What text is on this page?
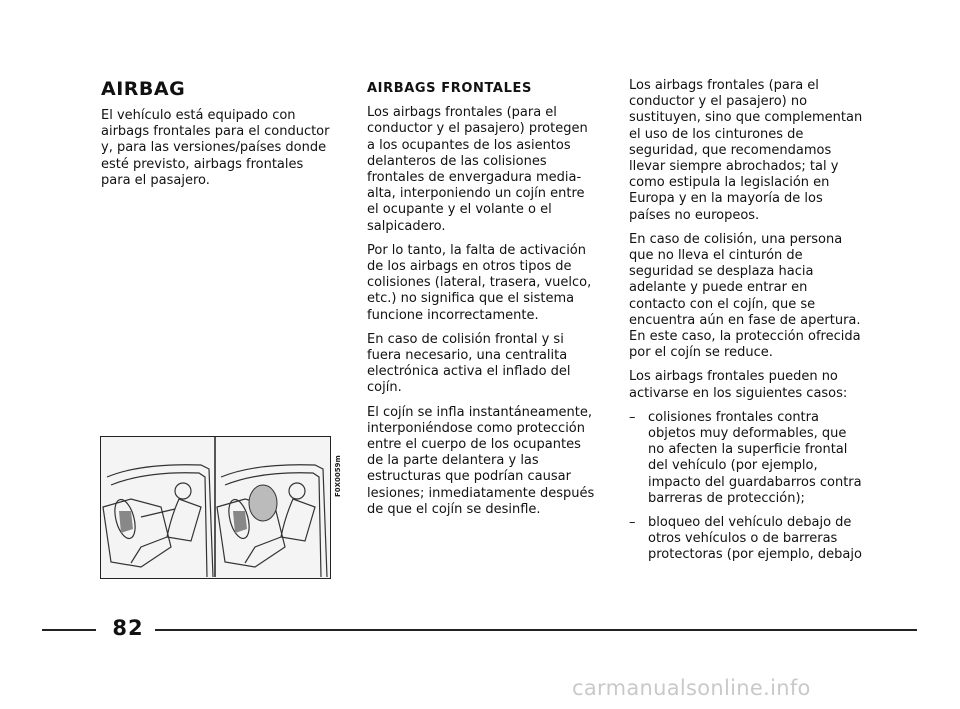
AIRBAG

El vehículo está equipado con airbags frontales para el conductor y, para las versiones/países donde esté previsto, airbags frontales para el pasajero.

F0X0059m
AIRBAGS FRONTALES

Los airbags frontales (para el conductor y el pasajero) protegen a los ocupantes de los asientos delanteros de las colisiones frontales de envergadura media-alta, interponiendo un cojín entre el ocupante y el volante o el salpicadero.

Por lo tanto, la falta de activación de los airbags en otros tipos de colisiones (lateral, trasera, vuelco, etc.) no significa que el sistema funcione incorrectamente.

En caso de colisión frontal y si fuera necesario, una centralita electrónica activa el inflado del cojín.

El cojín se infla instantáneamente, interponiéndose como protección entre el cuerpo de los ocupantes de la parte delantera y las estructuras que podrían causar lesiones; inmediatamente después de que el cojín se desinfle.

Los airbags frontales (para el conductor y el pasajero) no sustituyen, sino que complementan el uso de los cinturones de seguridad, que recomendamos llevar siempre abrochados; tal y como estipula la legislación en Europa y en la mayoría de los países no europeos.

En caso de colisión, una persona que no lleva el cinturón de seguridad se desplaza hacia adelante y puede entrar en contacto con el cojín, que se encuentra aún en fase de apertura. En este caso, la protección ofrecida por el cojín se reduce.

Los airbags frontales pueden no activarse en los siguientes casos:

– colisiones frontales contra objetos muy deformables, que no afecten la superficie frontal del vehículo (por ejemplo, impacto del guardabarros contra barreras de protección);
– bloqueo del vehículo debajo de otros vehículos o de barreras protectoras (por ejemplo, debajo
82
carmanualsonline.info
